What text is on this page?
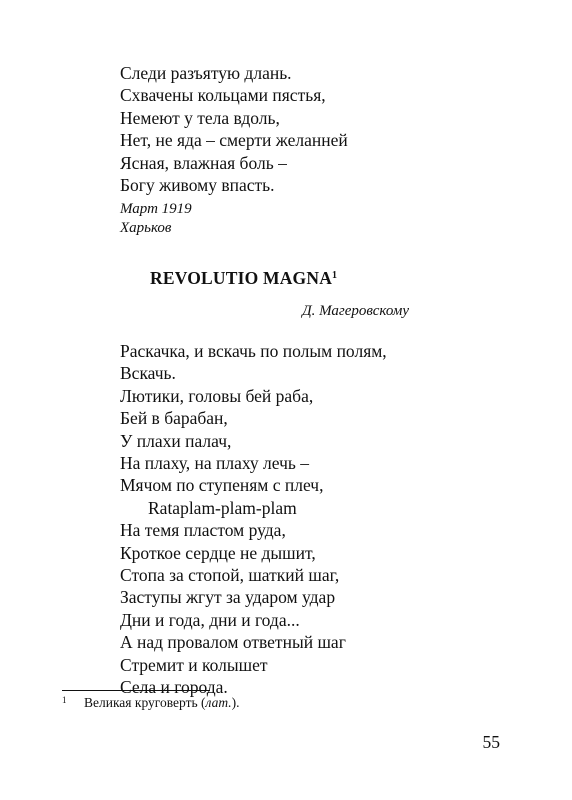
Следи разъятую длань.
Схвачены кольцами пястья,
Немеют у тела вдоль,
Нет, не яда – смерти желанней
Ясная, влажная боль –
Богу живому впасть.
Март 1919
Харьков
REVOLUTIO MAGNA$^1$
Д. Магеровскому
Раскачка, и вскачь по полым полям,
Вскачь.
Лютики, головы бей раба,
Бей в барабан,
У плахи палач,
На плаху, на плаху лечь –
Мячом по ступеням с плеч,
Rataplam-plam-plam
На темя пластом руда,
Кроткое сердце не дышит,
Стопа за стопой, шаткий шаг,
Заступы жгут за ударом удар
Дни и года, дни и года...
А над провалом ответный шаг
Стремит и колышет
Села и города.
1 Великая круговерть (лат.).
55
